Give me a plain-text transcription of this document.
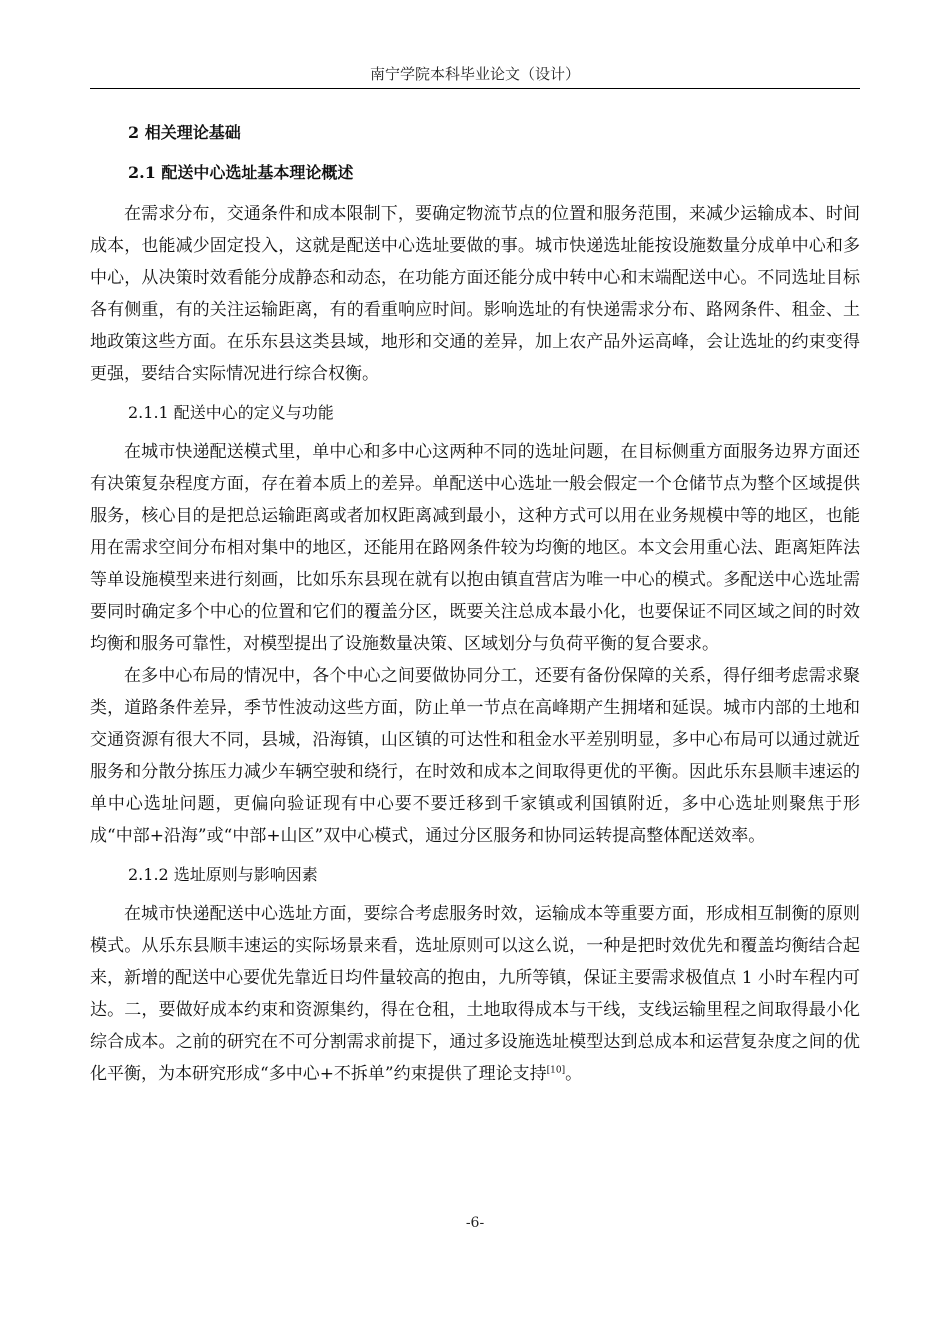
南宁学院本科毕业论文（设计）
2 相关理论基础
2.1 配送中心选址基本理论概述

在需求分布，交通条件和成本限制下，要确定物流节点的位置和服务范围，来减少运输成本、时间成本，也能减少固定投入，这就是配送中心选址要做的事。城市快递选址能按设施数量分成单中心和多中心，从决策时效看能分成静态和动态，在功能方面还能分成中转中心和末端配送中心。不同选址目标各有侧重，有的关注运输距离，有的看重响应时间。影响选址的有快递需求分布、路网条件、租金、土地政策这些方面。在乐东县这类县域，地形和交通的差异，加上农产品外运高峰，会让选址的约束变得更强，要结合实际情况进行综合权衡。

2.1.1 配送中心的定义与功能

在城市快递配送模式里，单中心和多中心这两种不同的选址问题，在目标侧重方面服务边界方面还有决策复杂程度方面，存在着本质上的差异。单配送中心选址一般会假定一个仓储节点为整个区域提供服务，核心目的是把总运输距离或者加权距离减到最小，这种方式可以用在业务规模中等的地区，也能用在需求空间分布相对集中的地区，还能用在路网条件较为均衡的地区。本文会用重心法、距离矩阵法等单设施模型来进行刻画，比如乐东县现在就有以抱由镇直营店为唯一中心的模式。多配送中心选址需要同时确定多个中心的位置和它们的覆盖分区，既要关注总成本最小化，也要保证不同区域之间的时效均衡和服务可靠性，对模型提出了设施数量决策、区域划分与负荷平衡的复合要求。

在多中心布局的情况中，各个中心之间要做协同分工，还要有备份保障的关系，得仔细考虑需求聚类，道路条件差异，季节性波动这些方面，防止单一节点在高峰期产生拥堵和延误。城市内部的土地和交通资源有很大不同，县城，沿海镇，山区镇的可达性和租金水平差别明显，多中心布局可以通过就近服务和分散分拣压力减少车辆空驶和绕行，在时效和成本之间取得更优的平衡。因此乐东县顺丰速运的单中心选址问题，更偏向验证现有中心要不要迁移到千家镇或利国镇附近，多中心选址则聚焦于形成“中部+沿海”或“中部+山区”双中心模式，通过分区服务和协同运转提高整体配送效率。

2.1.2 选址原则与影响因素

在城市快递配送中心选址方面，要综合考虑服务时效，运输成本等重要方面，形成相互制衡的原则模式。从乐东县顺丰速运的实际场景来看，选址原则可以这么说，一种是把时效优先和覆盖均衡结合起来，新增的配送中心要优先靠近日均件量较高的抱由，九所等镇，保证主要需求极值点 1 小时车程内可达。二，要做好成本约束和资源集约，得在仓租，土地取得成本与干线，支线运输里程之间取得最小化综合成本。之前的研究在不可分割需求前提下，通过多设施选址模型达到总成本和运营复杂度之间的优化平衡，为本研究形成“多中心+不拆单”约束提供了理论支持[10]。

-6-
